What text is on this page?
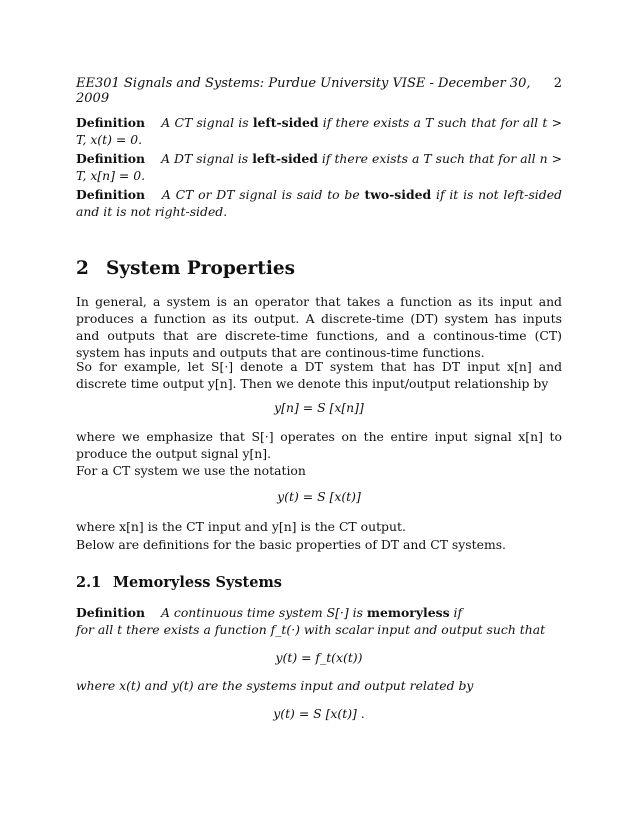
EE301 Signals and Systems: Purdue University VISE - December 30, 2009
2
Definition A CT signal is left-sided if there exists a T such that for all t > T, x(t) = 0.
Definition A DT signal is left-sided if there exists a T such that for all n > T, x[n] = 0.
Definition A CT or DT signal is said to be two-sided if it is not left-sided and it is not right-sided.
2 System Properties
In general, a system is an operator that takes a function as its input and produces a function as its output. A discrete-time (DT) system has inputs and outputs that are discrete-time functions, and a continous-time (CT) system has inputs and outputs that are continous-time functions.
So for example, let S[·] denote a DT system that has DT input x[n] and discrete time output y[n]. Then we denote this input/output relationship by
y[n] = S [x[n]]
where we emphasize that S[·] operates on the entire input signal x[n] to produce the output signal y[n].
For a CT system we use the notation
y(t) = S [x(t)]
where x[n] is the CT input and y[n] is the CT output.
Below are definitions for the basic properties of DT and CT systems.
2.1 Memoryless Systems
Definition A continuous time system S[·] is memoryless if
for all t there exists a function f_t(·) with scalar input and output such that
y(t) = f_t(x(t))
where x(t) and y(t) are the systems input and output related by
y(t) = S [x(t)] .
